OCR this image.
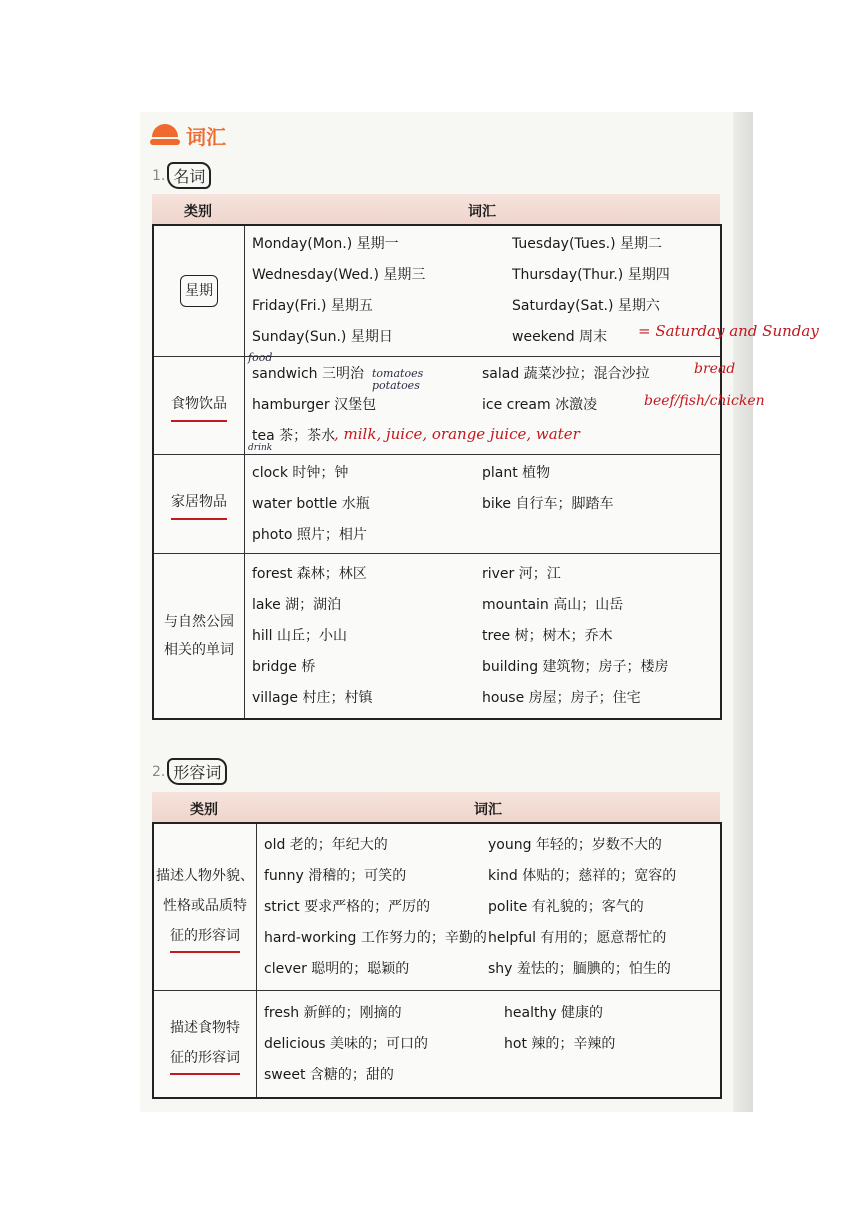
词汇
1. 名词
类别	词汇
星期
Monday(Mon.) 星期一	Tuesday(Tues.) 星期二
Wednesday(Wed.) 星期三	Thursday(Thur.) 星期四
Friday(Fri.) 星期五	Saturday(Sat.) 星期六
Sunday(Sun.) 星期日	weekend 周末	= Saturday and Sunday
食物饮品
sandwich 三明治	salad 蔬菜沙拉；混合沙拉
hamburger 汉堡包	ice cream 冰激凌
tea 茶；茶水
food
tomatoes
potatoes
bread
beef/fish/chicken
, milk, juice, orange juice, water
drink
家居物品
clock 时钟；钟	plant 植物
water bottle 水瓶	bike 自行车；脚踏车
photo 照片；相片
与自然公园
相关的单词
forest 森林；林区	river 河；江
lake 湖；湖泊	mountain 高山；山岳
hill 山丘；小山	tree 树；树木；乔木
bridge 桥	building 建筑物；房子；楼房
village 村庄；村镇	house 房屋；房子；住宅
2. 形容词
类别	词汇
描述人物外貌、
性格或品质特
征的形容词
old 老的；年纪大的	young 年轻的；岁数不大的
funny 滑稽的；可笑的	kind 体贴的；慈祥的；宽容的
strict 要求严格的；严厉的	polite 有礼貌的；客气的
hard-working 工作努力的；辛勤的 helpful 有用的；愿意帮忙的
clever 聪明的；聪颖的	shy 羞怯的；腼腆的；怕生的
描述食物特
征的形容词
fresh 新鲜的；刚摘的	healthy 健康的
delicious 美味的；可口的	hot 辣的；辛辣的
sweet 含糖的；甜的
